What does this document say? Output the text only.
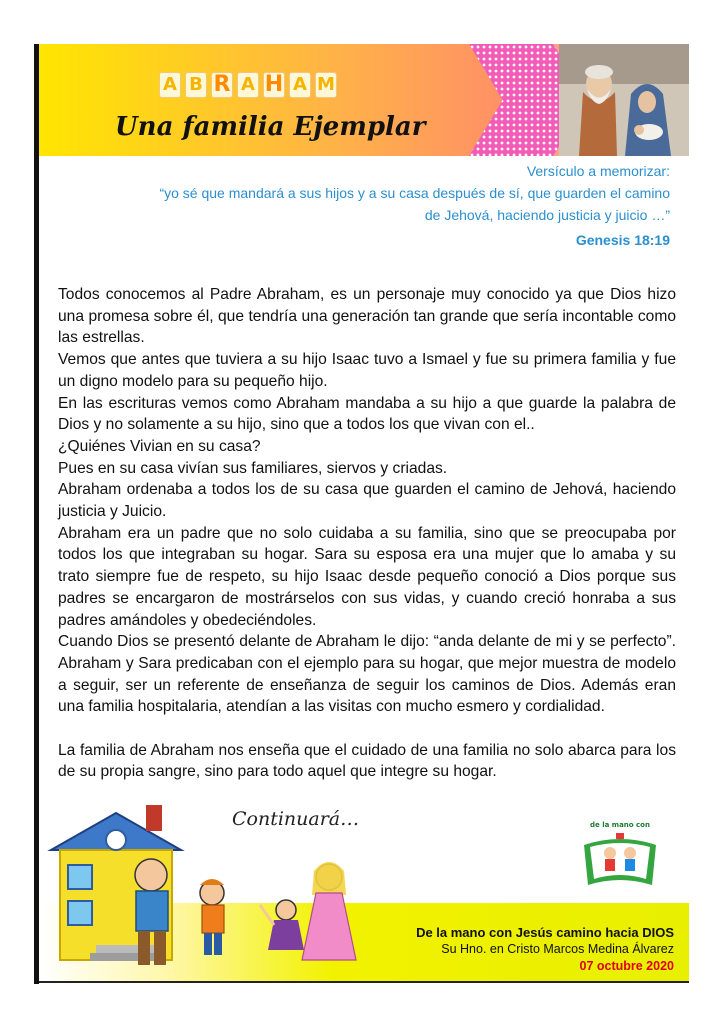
A B R A H A M
Una familia Ejemplar
Versículo a memorizar:
“yo sé que mandará a sus hijos y a su casa después de sí, que guarden el camino
de Jehová, haciendo justicia y juicio …”
Genesis 18:19

Todos conocemos al Padre Abraham, es un personaje muy conocido ya que Dios hizo una promesa sobre él, que tendría una generación tan grande que sería incontable como las estrellas.

Vemos que antes que tuviera a su hijo Isaac tuvo a Ismael y fue su primera familia y fue un digno modelo para su pequeño hijo.

En las escrituras vemos como Abraham mandaba a su hijo a que guarde la palabra de Dios y no solamente a su hijo, sino que a todos los que vivan con el..

¿Quiénes Vivian en su casa?

Pues en su casa vivían sus familiares, siervos y criadas.

Abraham ordenaba a todos los de su casa que guarden el camino de Jehová, haciendo justicia y Juicio.

Abraham era un padre que no solo cuidaba a su familia, sino que se preocupaba por todos los que integraban su hogar. Sara su esposa era una mujer que lo amaba y su trato siempre fue de respeto, su hijo Isaac desde pequeño conoció a Dios porque sus padres se encargaron de mostrárselos con sus vidas, y cuando creció honraba a sus padres amándoles y obedeciéndoles.

Cuando Dios se presentó delante de Abraham le dijo: “anda delante de mi y se perfecto”. Abraham y Sara predicaban con el ejemplo para su hogar, que mejor muestra de modelo a seguir, ser un referente de enseñanza de seguir los caminos de Dios. Además eran una familia hospitalaria, atendían a las visitas con mucho esmero y cordialidad.

La familia de Abraham nos enseña que el cuidado de una familia no solo abarca para los de su propia sangre, sino para todo aquel que integre su hogar.

Continuará…	de la mano con
De la mano con Jesús camino hacia DIOS
Su Hno. en Cristo Marcos Medina Álvarez
07 octubre 2020
